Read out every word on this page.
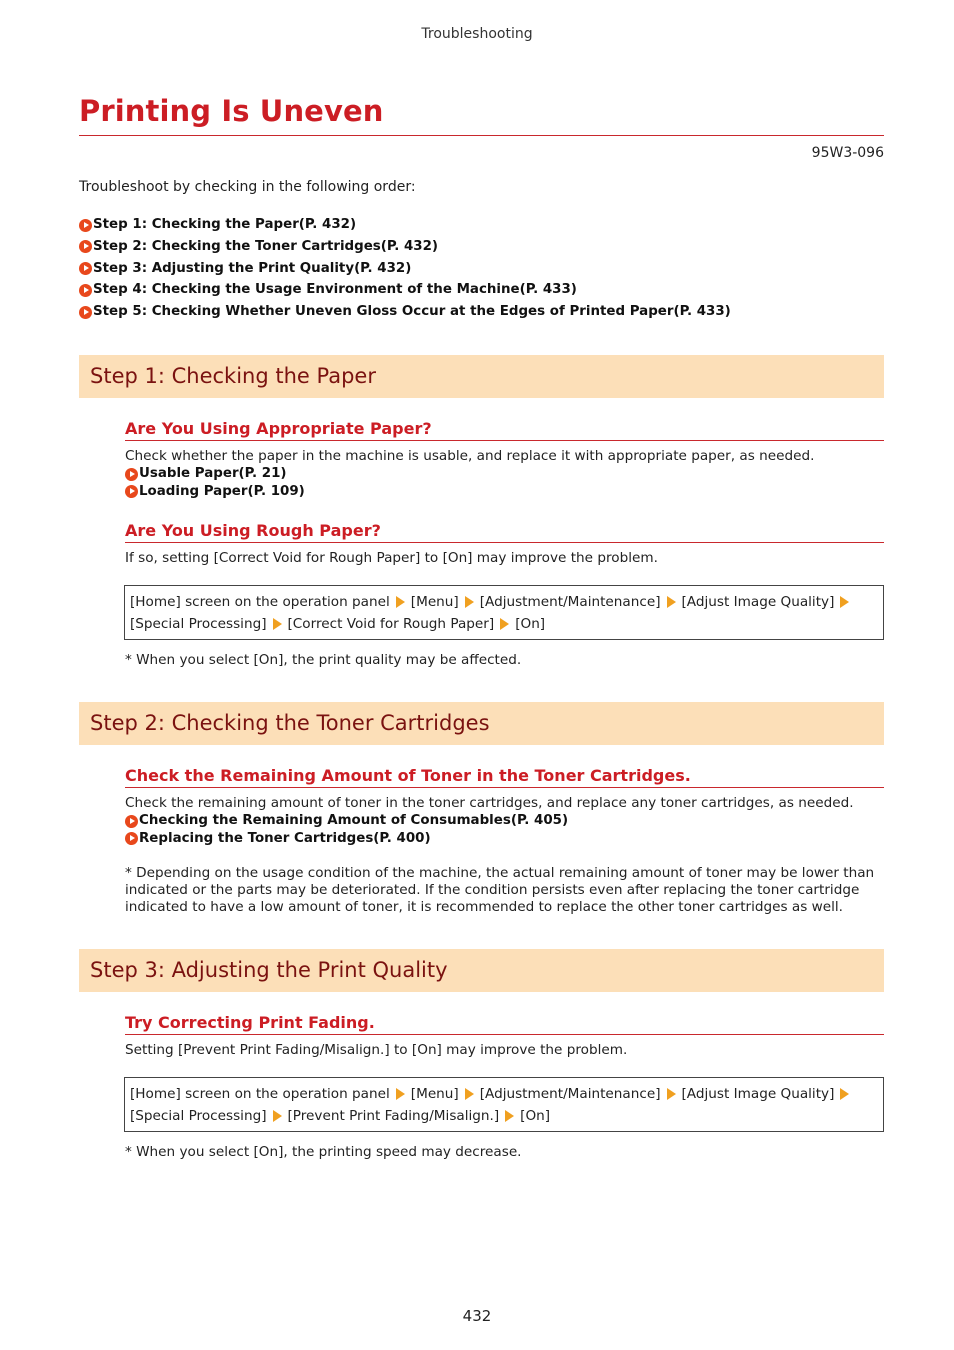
Troubleshooting
Printing Is Uneven
95W3-096
Troubleshoot by checking in the following order:
Step 1: Checking the Paper(P. 432)
Step 2: Checking the Toner Cartridges(P. 432)
Step 3: Adjusting the Print Quality(P. 432)
Step 4: Checking the Usage Environment of the Machine(P. 433)
Step 5: Checking Whether Uneven Gloss Occur at the Edges of Printed Paper(P. 433)
Step 1: Checking the Paper
Are You Using Appropriate Paper?
Check whether the paper in the machine is usable, and replace it with appropriate paper, as needed.
Usable Paper(P. 21)
Loading Paper(P. 109)
Are You Using Rough Paper?
If so, setting [Correct Void for Rough Paper] to [On] may improve the problem.
[Home] screen on the operation panel [Menu] [Adjustment/Maintenance] [Adjust Image Quality]
[Special Processing] [Correct Void for Rough Paper] [On]
* When you select [On], the print quality may be affected.
Step 2: Checking the Toner Cartridges
Check the Remaining Amount of Toner in the Toner Cartridges.
Check the remaining amount of toner in the toner cartridges, and replace any toner cartridges, as needed.
Checking the Remaining Amount of Consumables(P. 405)
Replacing the Toner Cartridges(P. 400)
* Depending on the usage condition of the machine, the actual remaining amount of toner may be lower than
indicated or the parts may be deteriorated. If the condition persists even after replacing the toner cartridge
indicated to have a low amount of toner, it is recommended to replace the other toner cartridges as well.
Step 3: Adjusting the Print Quality
Try Correcting Print Fading.
Setting [Prevent Print Fading/Misalign.] to [On] may improve the problem.
[Home] screen on the operation panel [Menu] [Adjustment/Maintenance] [Adjust Image Quality]
[Special Processing] [Prevent Print Fading/Misalign.] [On]
* When you select [On], the printing speed may decrease.
432
